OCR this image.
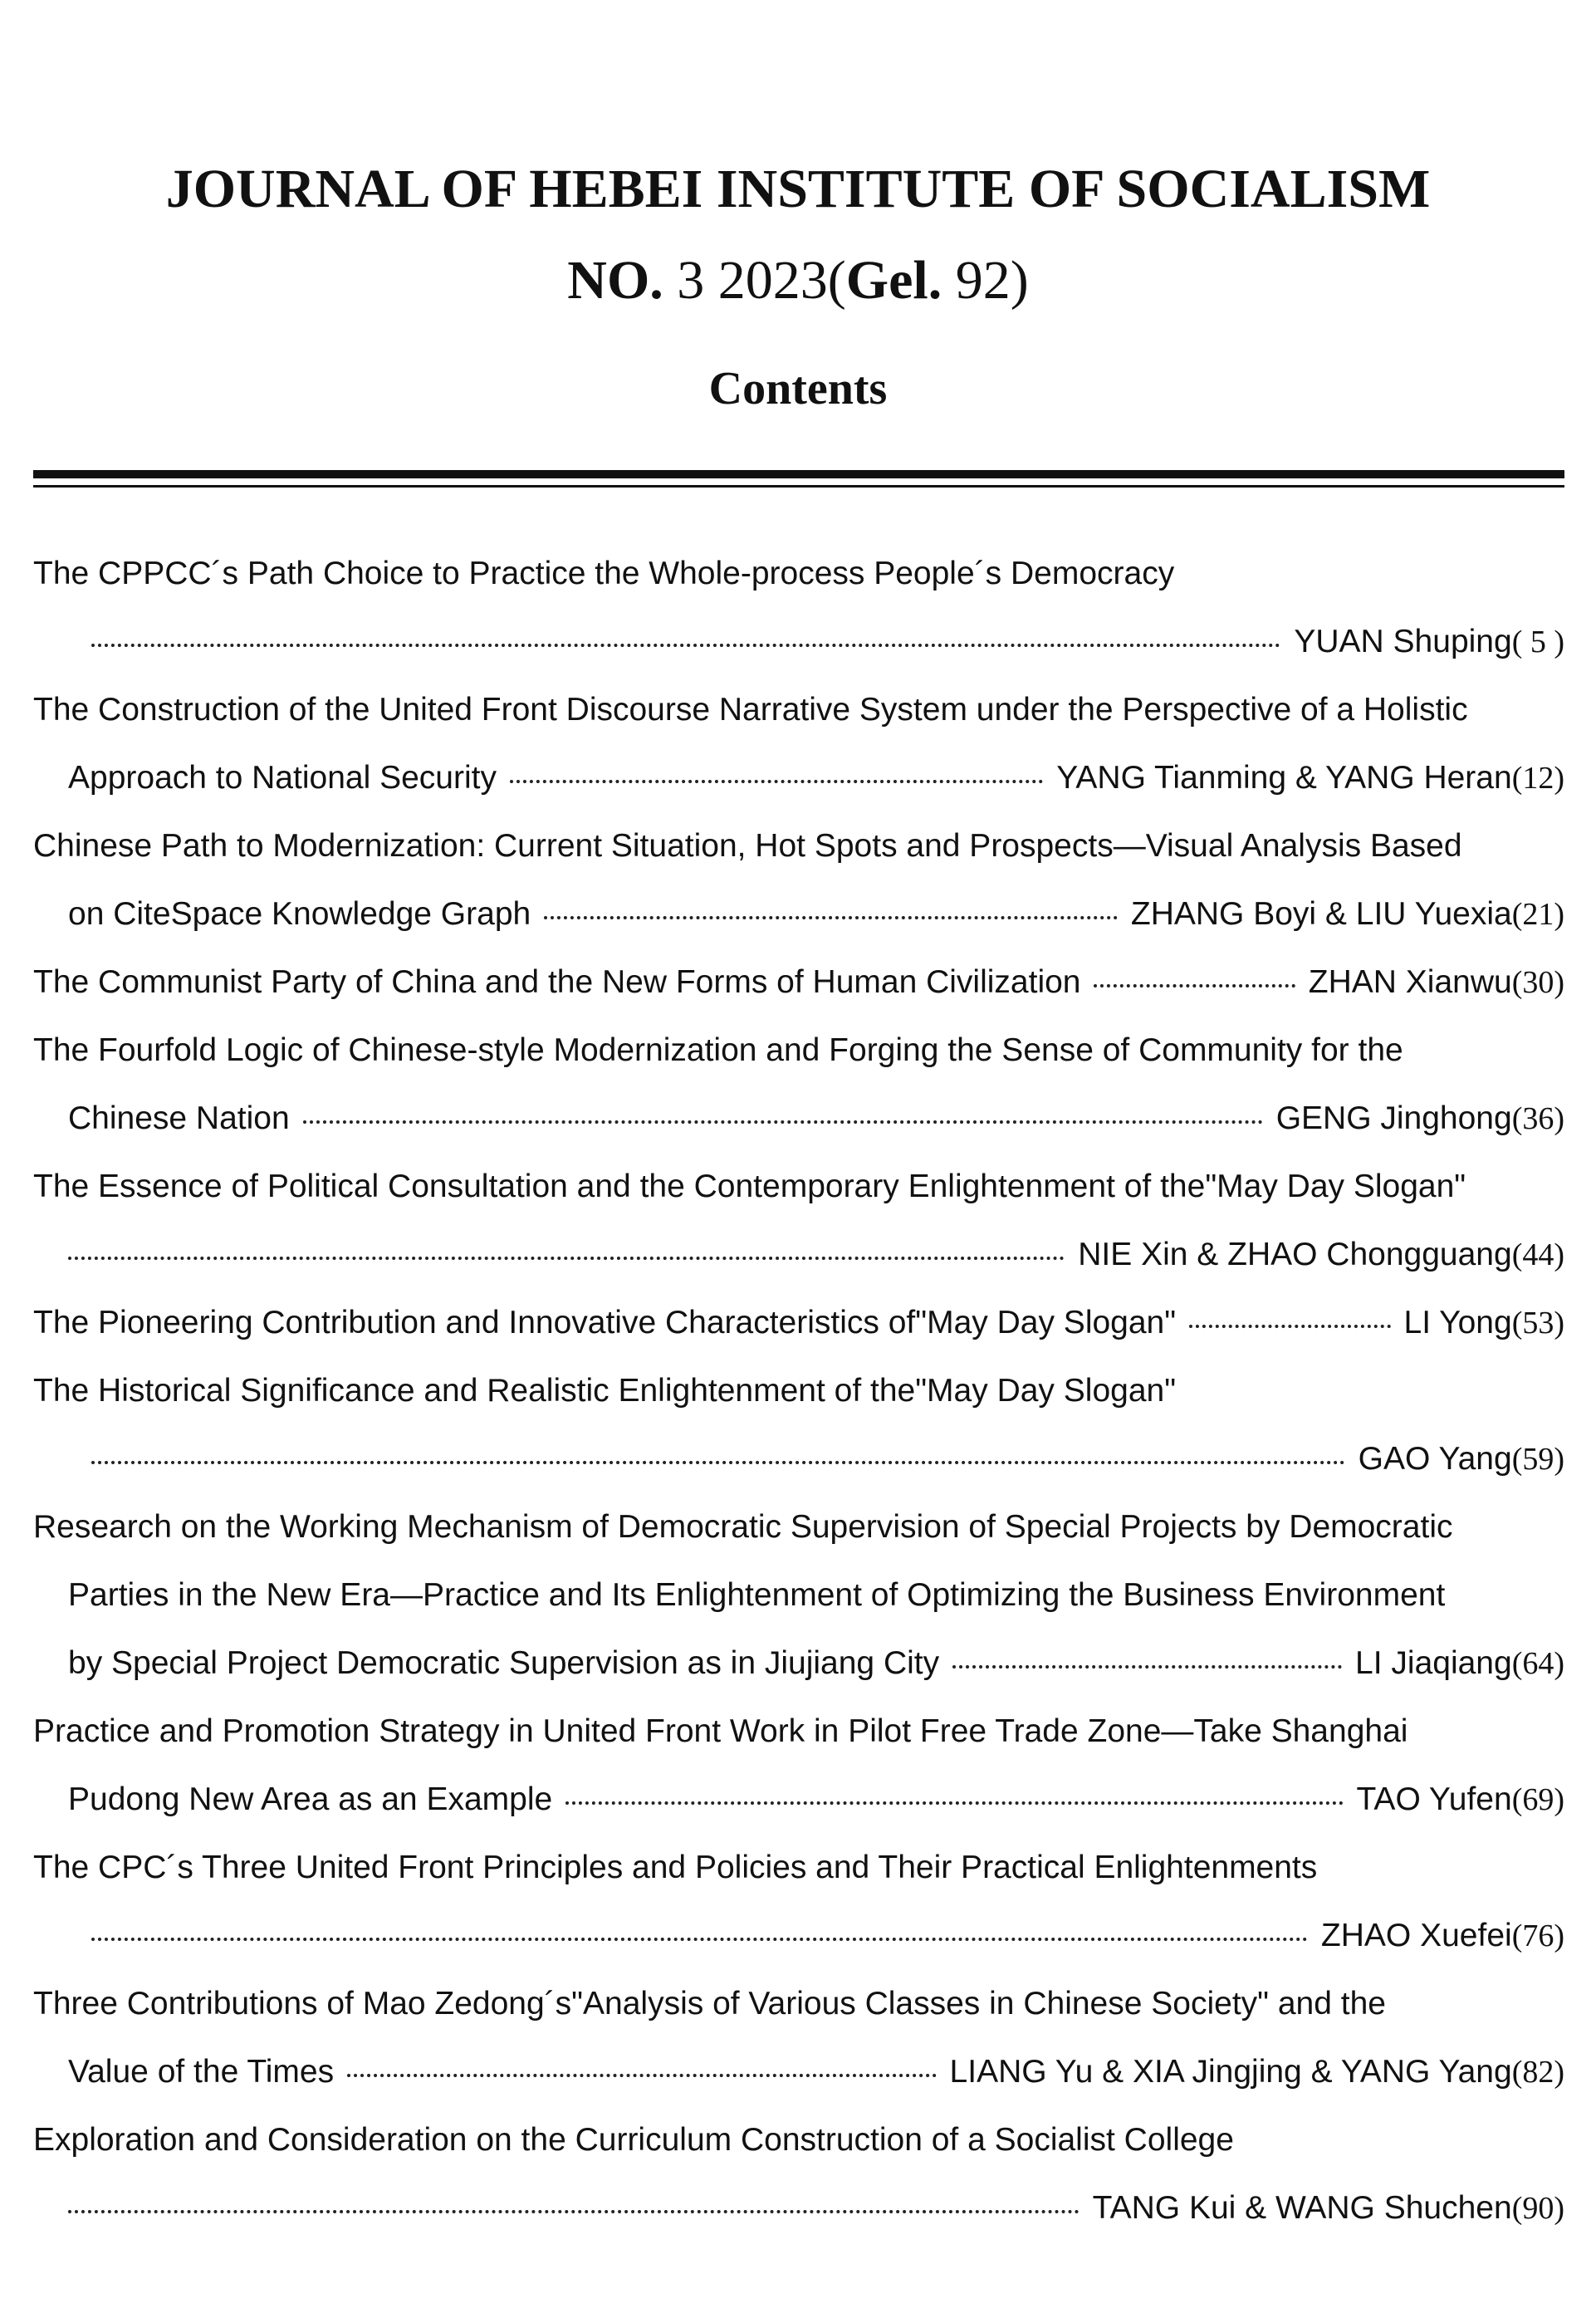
JOURNAL OF HEBEI INSTITUTE OF SOCIALISM
NO. 3 2023(Gel. 92)
Contents
The CPPCC´s Path Choice to Practice the Whole-process People´s Democracy
YUAN Shuping ( 5 )
The Construction of the United Front Discourse Narrative System under the Perspective of a Holistic
Approach to National Security	YANG Tianming & YANG Heran (12)
Chinese Path to Modernization: Current Situation, Hot Spots and Prospects—Visual Analysis Based
on CiteSpace Knowledge Graph	ZHANG Boyi & LIU Yuexia (21)
The Communist Party of China and the New Forms of Human Civilization	ZHAN Xianwu (30)
The Fourfold Logic of Chinese-style Modernization and Forging the Sense of Community for the
Chinese Nation	GENG Jinghong (36)
The Essence of Political Consultation and the Contemporary Enlightenment of the"May Day Slogan"
NIE Xin & ZHAO Chongguang (44)
The Pioneering Contribution and Innovative Characteristics of"May Day Slogan"	LI Yong (53)
The Historical Significance and Realistic Enlightenment of the"May Day Slogan"
GAO Yang (59)
Research on the Working Mechanism of Democratic Supervision of Special Projects by Democratic
Parties in the New Era—Practice and Its Enlightenment of Optimizing the Business Environment
by Special Project Democratic Supervision as in Jiujiang City	LI Jiaqiang (64)
Practice and Promotion Strategy in United Front Work in Pilot Free Trade Zone—Take Shanghai
Pudong New Area as an Example	TAO Yufen (69)
The CPC´s Three United Front Principles and Policies and Their Practical Enlightenments
ZHAO Xuefei (76)
Three Contributions of Mao Zedong´s"Analysis of Various Classes in Chinese Society" and the
Value of the Times	LIANG Yu & XIA Jingjing & YANG Yang (82)
Exploration and Consideration on the Curriculum Construction of a Socialist College
TANG Kui & WANG Shuchen (90)
